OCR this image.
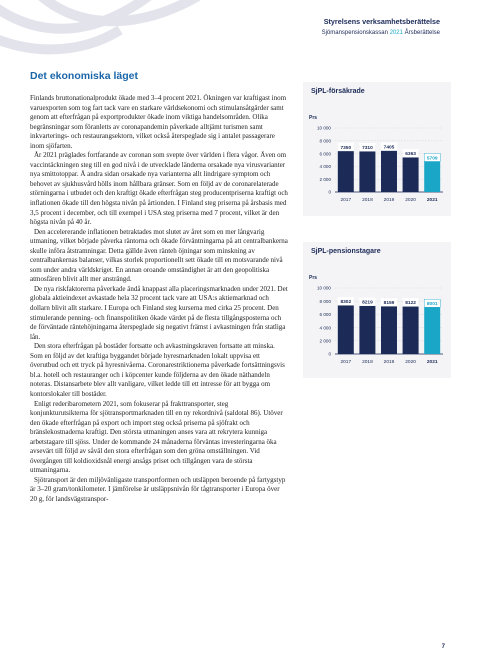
Styrelsens verksamhetsberättelse
Sjömanspensionskassan 2021 Årsberättelse
Det ekonomiska läget

Finlands bruttonationalprodukt ökade med 3–4 procent 2021. Ökningen var kraftigast inom varuexporten som tog fart tack vare en starkare världsekonomi och stimulansåtgärder samt genom att efterfrågan på exportprodukter ökade inom viktiga handelsområden. Olika begränsningar som föranletts av coronapandemin påverkade alltjämt turismen samt inkvarterings- och restaurangsektorn, vilket också återspeglade sig i antalet passagerare inom sjöfarten.

År 2021 präglades fortfarande av coronan som svepte över världen i flera vågor. Även om vaccintäckningen steg till en god nivå i de utvecklade länderna orsakade nya virusvarianter nya smittotoppar. Å andra sidan orsakade nya varianterna allt lindrigare symptom och behovet av sjukhusvård hölls inom hållbara gränser. Som en följd av de coronarelaterade störningarna i utbudet och den kraftigt ökade efterfrågan steg producentpriserna kraftigt och inflationen ökade till den högsta nivån på årtionden. I Finland steg priserna på årsbasis med 3,5 procent i december, och till exempel i USA steg priserna med 7 procent, vilket är den högsta nivån på 40 år.

Den accelererande inflationen betraktades mot slutet av året som en mer långvarig utmaning, vilket började påverka räntorna och ökade förväntningarna på att centralbankerna skulle införa åtstramningar. Detta gällde även ränteh öjningar som minskning av centralbankernas balanser, vilkas storlek proportionellt sett ökade till en motsvarande nivå som under andra världskriget. En annan oroande omständighet är att den geopolitiska atmosfären blivit allt mer ansträngd.

De nya riskfaktorerna påverkade ändå knappast alla placeringsmarknaden under 2021. Det globala aktieindexet avkastade hela 32 procent tack vare att USA:s aktiemarknad och dollarn blivit allt starkare. I Europa och Finland steg kurserna med cirka 25 procent. Den stimulerande penning- och finanspolitiken ökade värdet på de flesta tillgångsposterna och de förväntade räntehöjningarna återspeglade sig negativt främst i avkastningen från statliga lån.

Den stora efterfrågan på bostäder fortsatte och avkastningskraven fortsatte att minska. Som en följd av det kraftiga byggandet började hyresmarknaden lokalt uppvisa ett överutbud och ett tryck på hyresnivåerna. Coronarestriktionerna påverkade fortsättningsvis bl.a. hotell och restauranger och i köpcenter kunde följderna av den ökade näthandeln noteras. Distansarbete blev allt vanligare, vilket ledde till ett intresse för att bygga om kontorslokaler till bostäder.

Enligt rederibarometern 2021, som fokuserar på frakttransporter, steg konjunkturutsikterna för sjötransportmarknaden till en ny rekordnivå (saldotal 86). Utöver den ökade efterfrågan på export och import steg också priserna på sjöfrakt och bränslekostnaderna kraftigt. Den största utmaningen anses vara att rekrytera kunniga arbetstagare till sjöss. Under de kommande 24 månaderna förväntas investeringarna öka avsevärt till följd av såväl den stora efterfrågan som den gröna omställningen. Vid övergången till koldioxidsnål energi ansågs priset och tillgången vara de största utmaningarna.

Sjötransport är den miljövänligaste transportformen och utsläppen beroende på fartygstyp är 3–20 gram/tonkilometer. I jämförelse är utsläppsnivån för tågtransporter i Europa över 20 g, för landsvägstranspor-

SjPL-försäkrade
Prs
0
2 000
4 000
6 000
8 000
10 000
7350
2017
7310
2018
7405
2019
6363
2020
5709
2021
SjPL-pensionstagare
Prs
0
2 000
4 000
6 000
8 000
10 000
8302
2017
8219
2018
8159
2019
8122
2020
8001
2021
7
